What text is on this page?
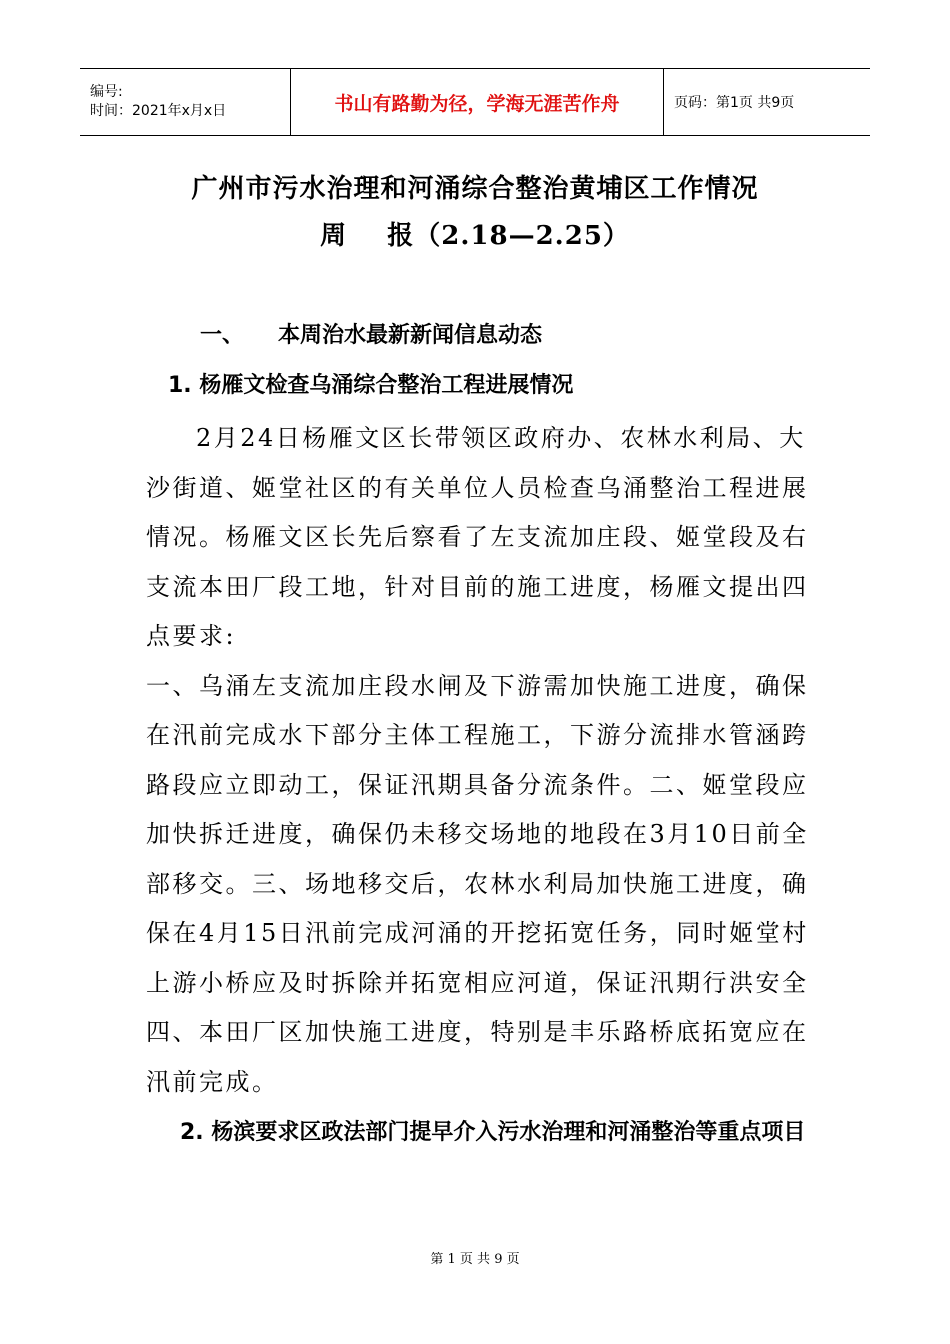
编号:
时间：2021年x月x日	书山有路勤为径，学海无涯苦作舟	页码：第1页 共9页
广州市污水治理和河涌综合整治黄埔区工作情况
周    报（2.18—2.25）
一、 本周治水最新新闻信息动态
1. 杨雁文检查乌涌综合整治工程进展情况

2月24日杨雁文区长带领区政府办、农林水利局、大沙街道、姬堂社区的有关单位人员检查乌涌整治工程进展情况。杨雁文区长先后察看了左支流加庄段、姬堂段及右支流本田厂段工地，针对目前的施工进度，杨雁文提出四点要求:

一、乌涌左支流加庄段水闸及下游需加快施工进度，确保在汛前完成水下部分主体工程施工，下游分流排水管涵跨路段应立即动工，保证汛期具备分流条件。二、姬堂段应加快拆迁进度，确保仍未移交场地的地段在3月10日前全部移交。三、场地移交后，农林水利局加快施工进度，确保在4月15日汛前完成河涌的开挖拓宽任务，同时姬堂村上游小桥应及时拆除并拓宽相应河道，保证汛期行洪安全四、本田厂区加快施工进度，特别是丰乐路桥底拓宽应在汛前完成。

2. 杨滨要求区政法部门提早介入污水治理和河涌整治等重点项目
第 1 页 共 9 页
